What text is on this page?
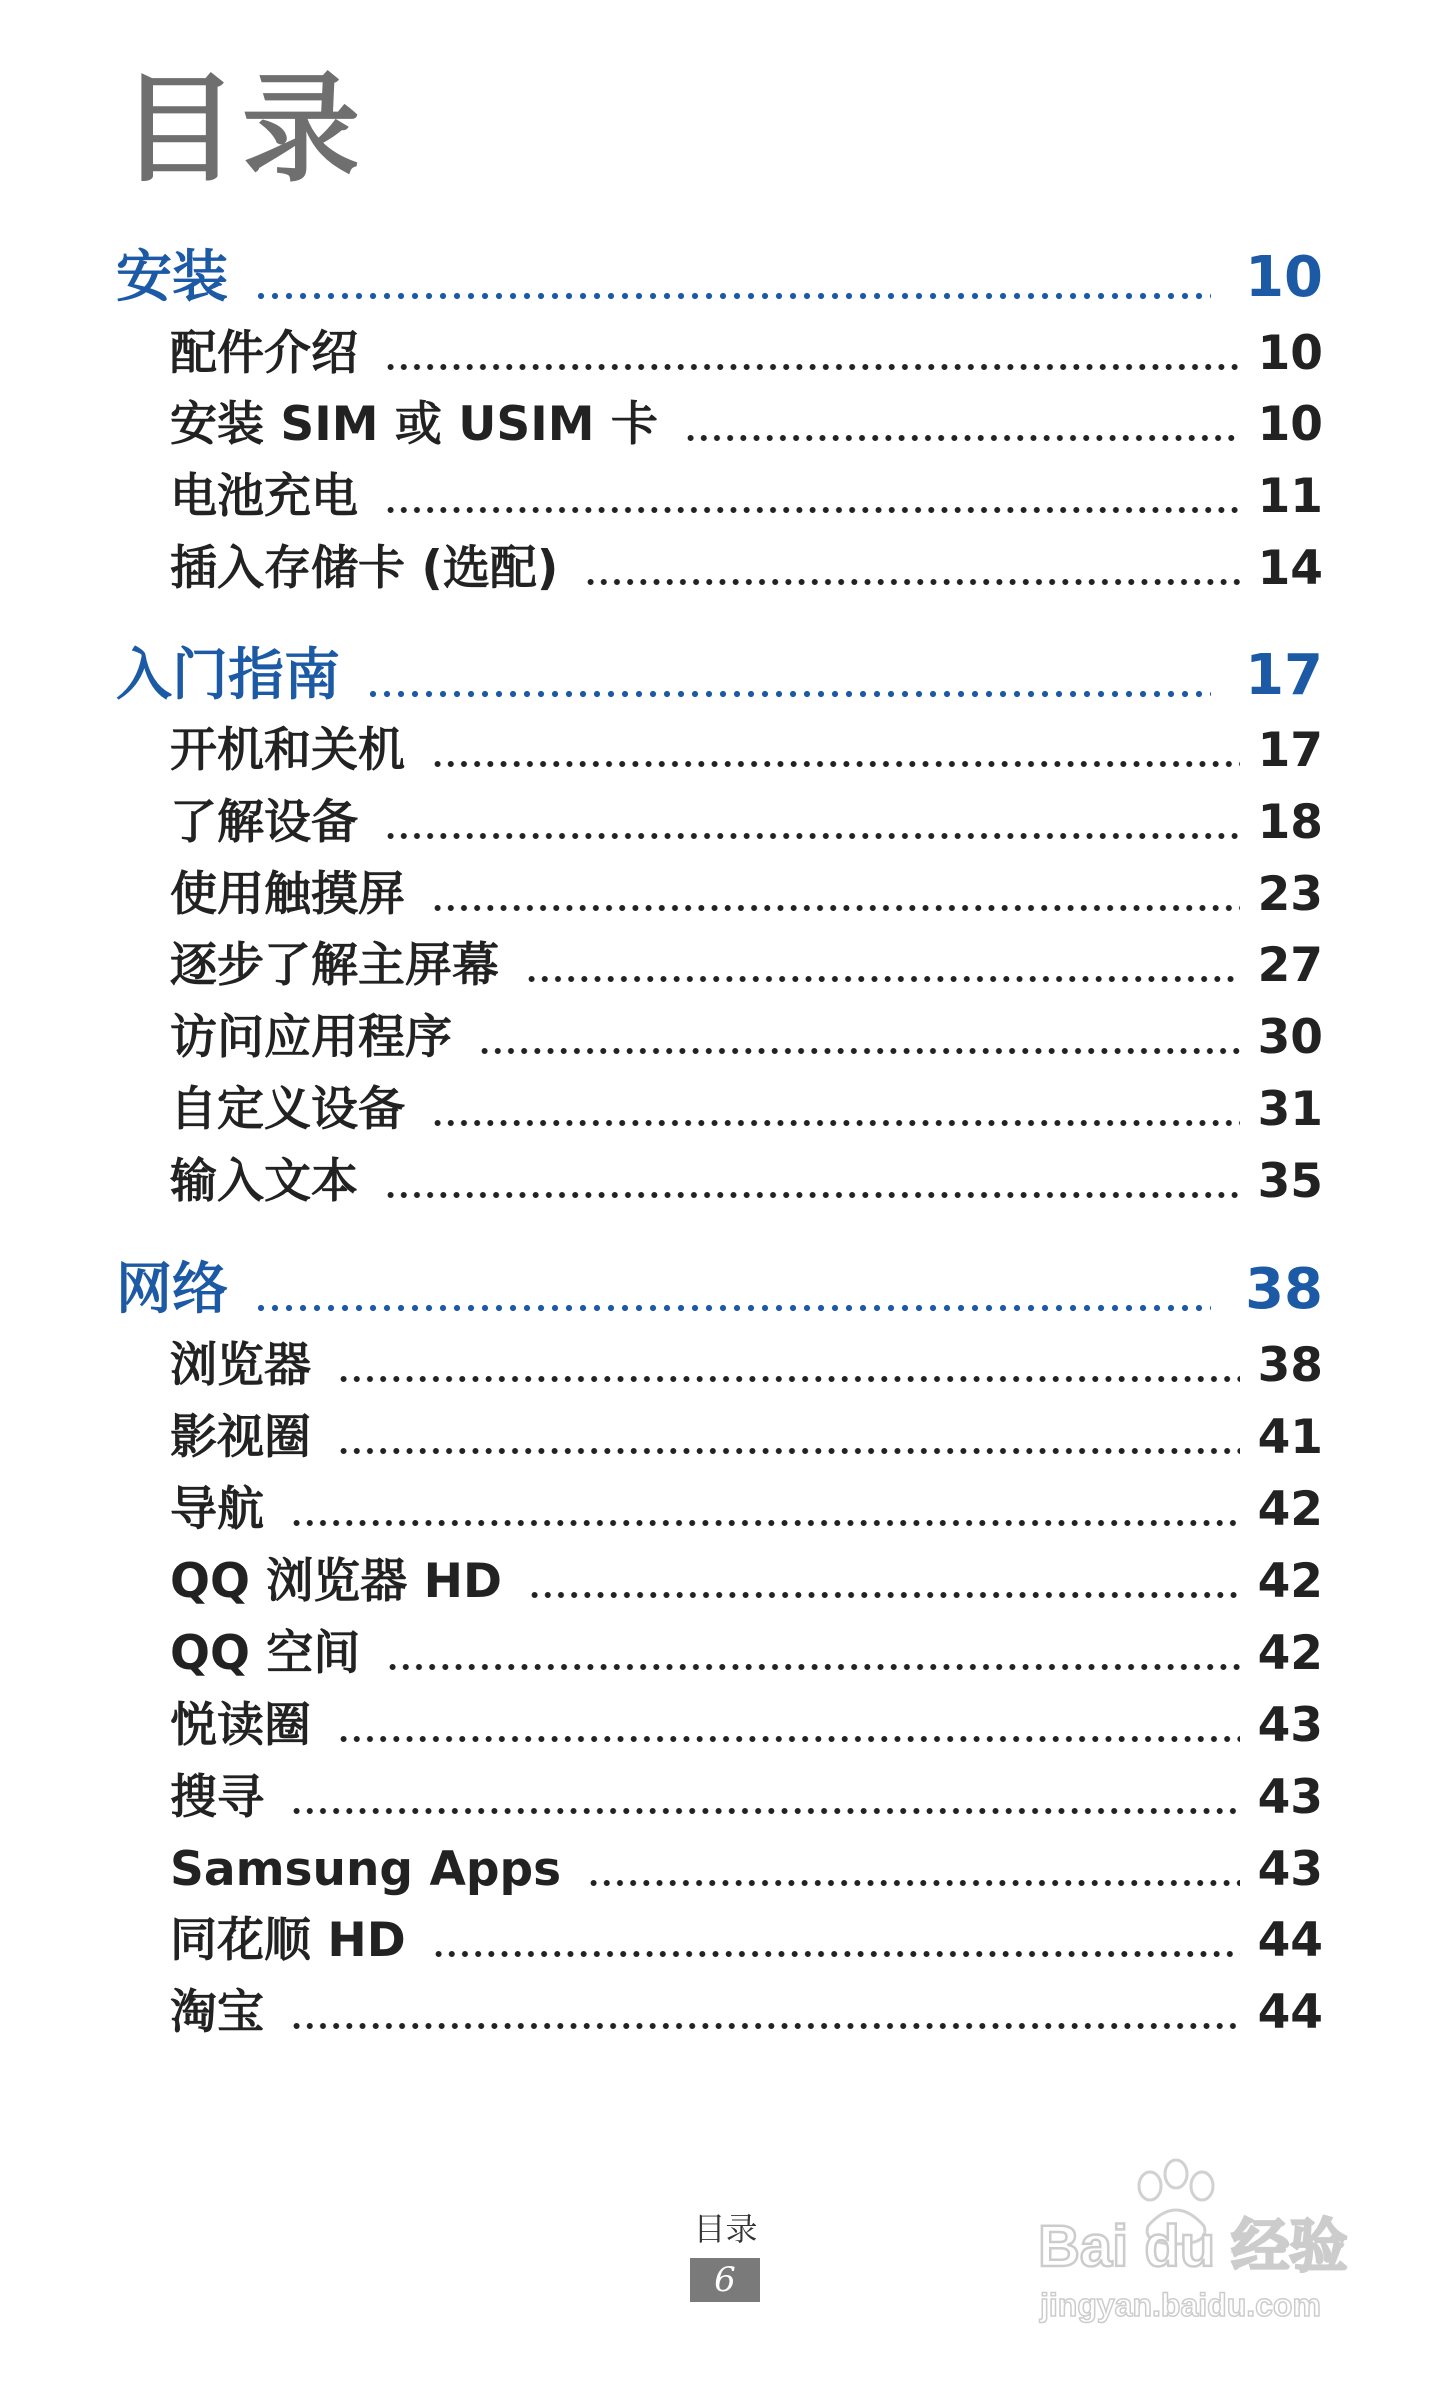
目录
安装	10
配件介绍	10
安装 SIM 或 USIM 卡	10
电池充电	11
插入存储卡 (选配)	14
入门指南	17
开机和关机	17
了解设备	18
使用触摸屏	23
逐步了解主屏幕	27
访问应用程序	30
自定义设备	31
输入文本	35
网络	38
浏览器	38
影视圈	41
导航	42
QQ 浏览器 HD	42
QQ 空间	42
悦读圈	43
搜寻	43
Samsung Apps	43
同花顺 HD	44
淘宝	44
目录
6
Bai du 经验
jingyan.baidu.com
